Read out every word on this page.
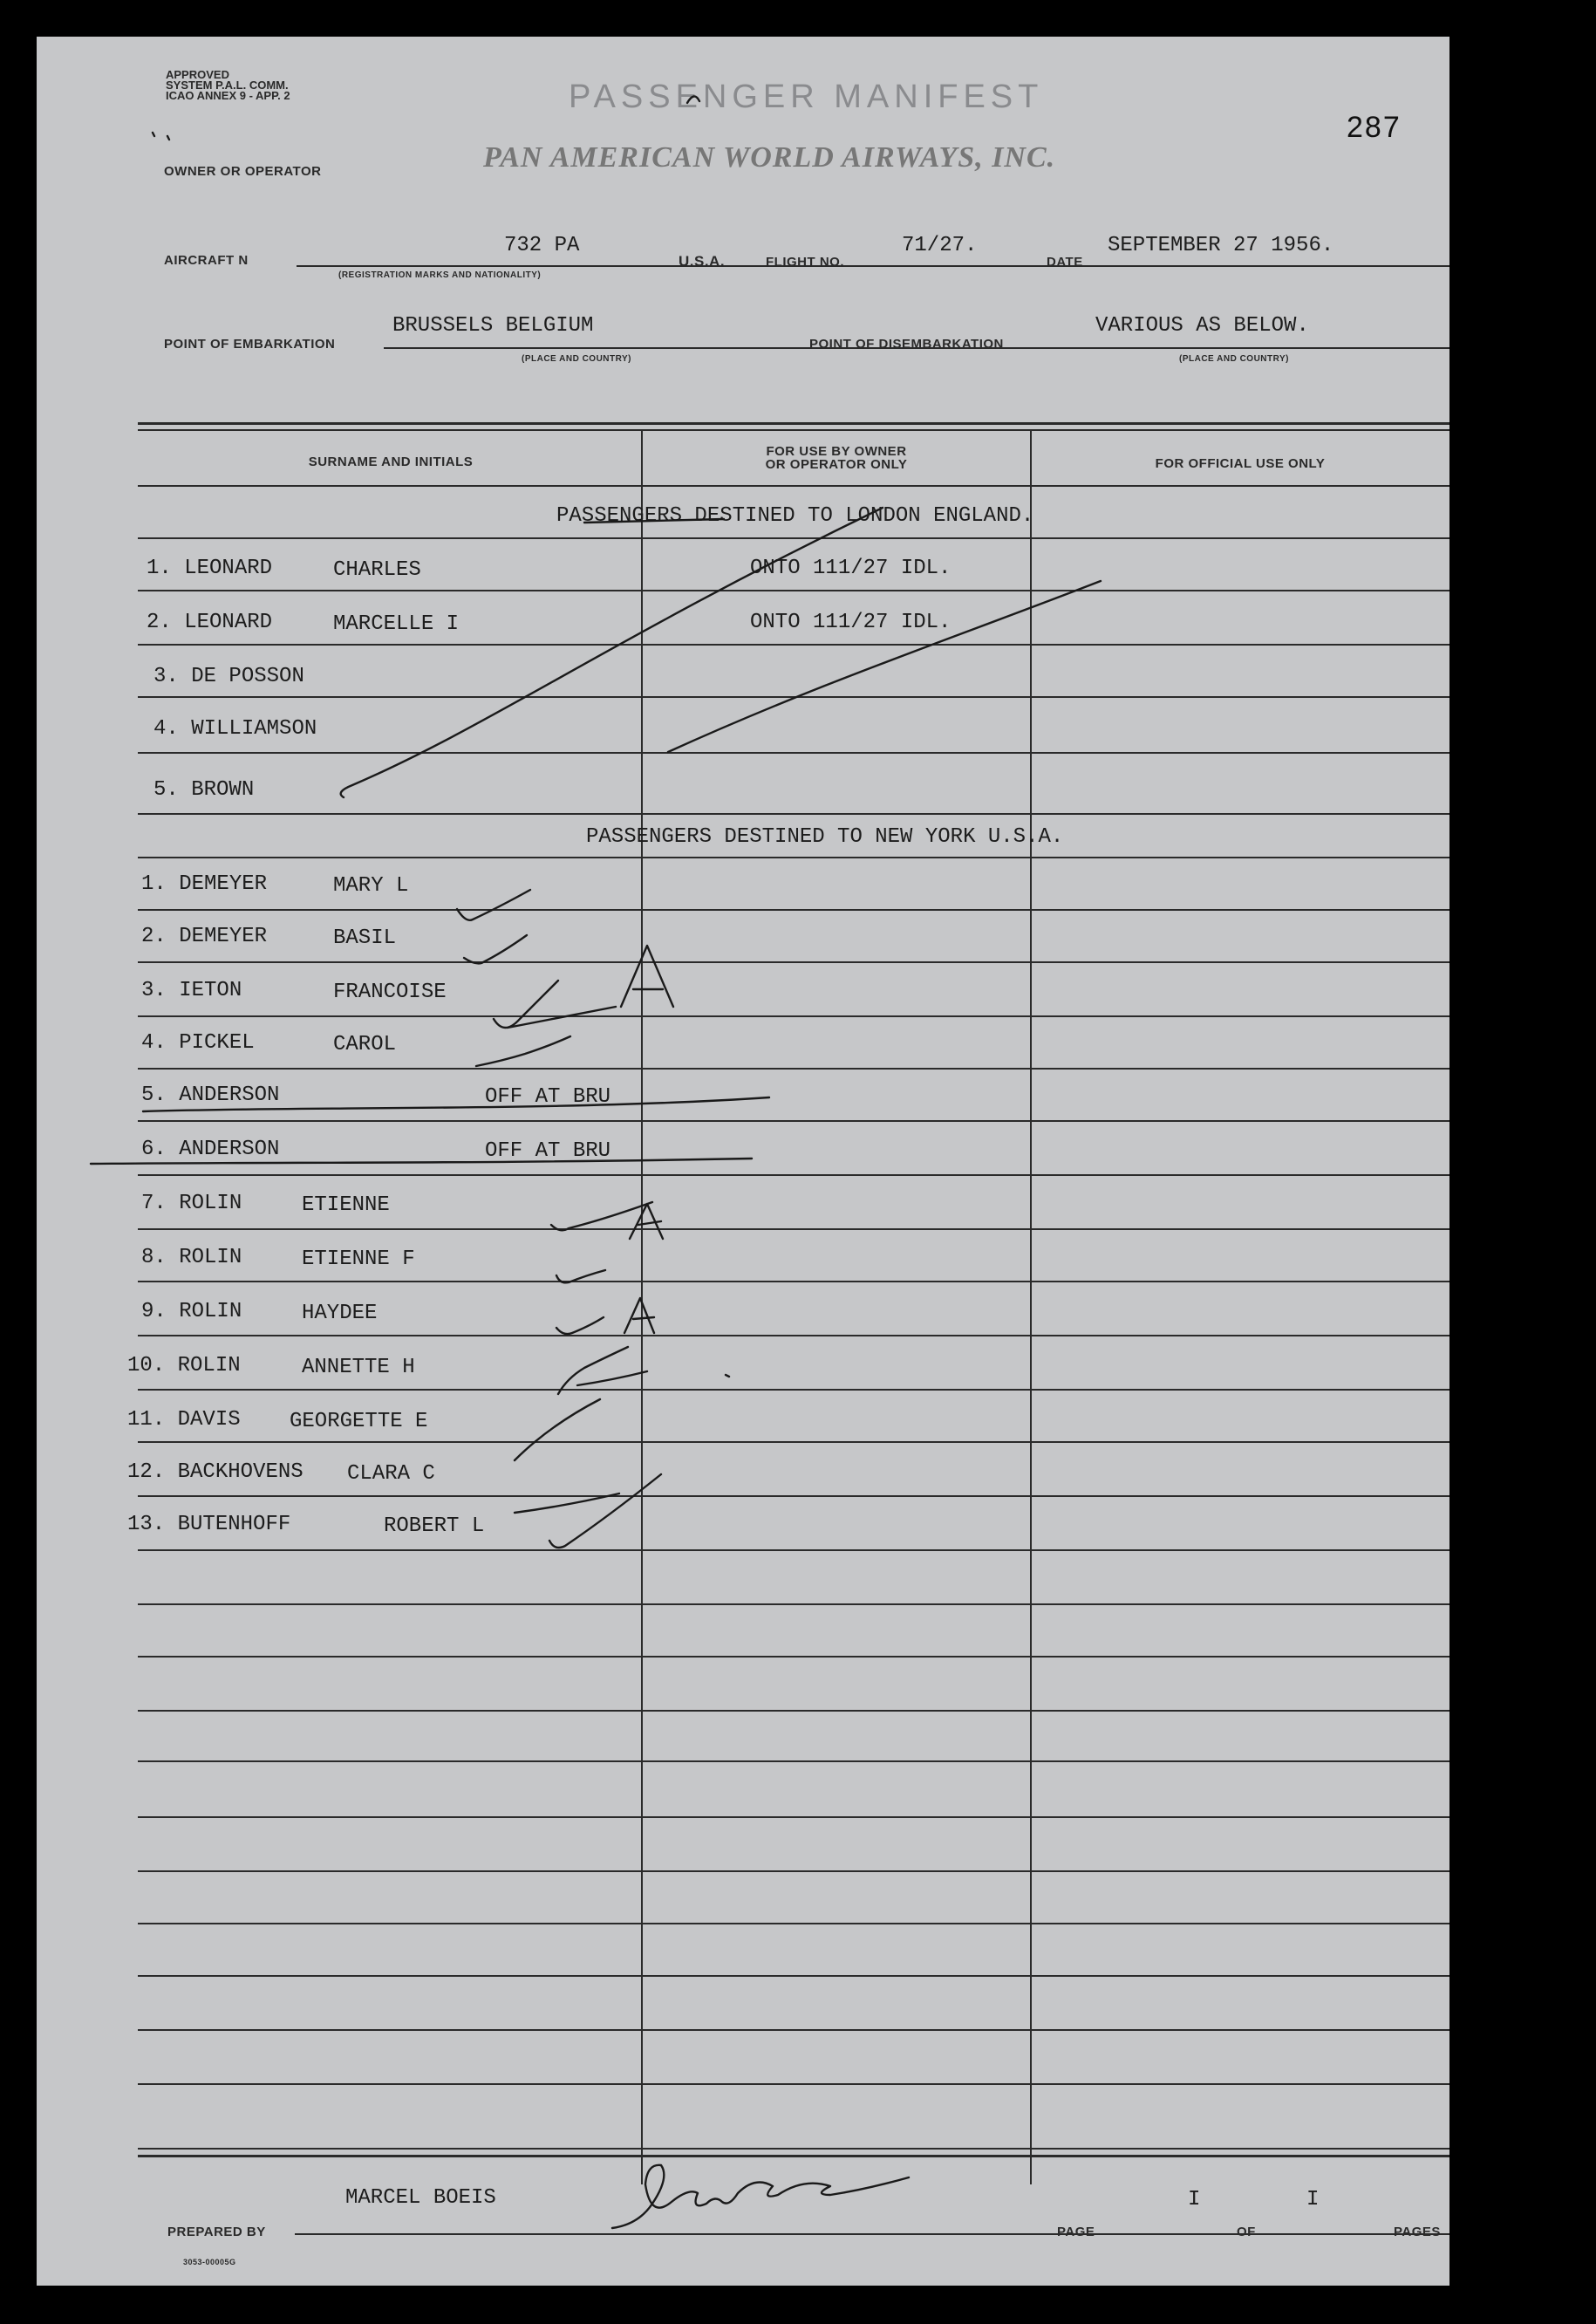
APPROVED
SYSTEM P.A.L. COMM.
ICAO ANNEX 9 - APP. 2	PASSENGER MANIFEST
287
OWNER OR OPERATOR	PAN AMERICAN WORLD AIRWAYS, INC.
AIRCRAFT N
732 PA
(REGISTRATION MARKS AND NATIONALITY)
U.S.A.	FLIGHT NO.
71/27.
DATE
SEPTEMBER 27 1956.
POINT OF EMBARKATION
BRUSSELS BELGIUM
(PLACE AND COUNTRY)
POINT OF DISEMBARKATION
VARIOUS AS BELOW.
(PLACE AND COUNTRY)
SURNAME AND INITIALS
FOR USE BY OWNER
OR OPERATOR ONLY	FOR OFFICIAL USE ONLY
PASSENGERS DESTINED TO LONDON ENGLAND.
1. LEONARD	CHARLES	ONTO 111/27 IDL.
2. LEONARD	MARCELLE I	ONTO 111/27 IDL.
3. DE POSSON
4. WILLIAMSON
5. BROWN
PASSENGERS DESTINED TO NEW YORK U.S.A.
1. DEMEYER	MARY L
2. DEMEYER	BASIL
3. IETON	FRANCOISE
4. PICKEL	CAROL
5. ANDERSON	OFF AT BRU
6. ANDERSON	OFF AT BRU
7. ROLIN	ETIENNE
8. ROLIN	ETIENNE F
9. ROLIN	HAYDEE
10. ROLIN	ANNETTE H
11. DAVIS GEORGETTE E
12. BACKHOVENS CLARA C
13. BUTENHOFF	ROBERT L
MARCEL BOEIS
PREPARED BY	PAGE
I
OF
I
PAGES
3053-00005G
